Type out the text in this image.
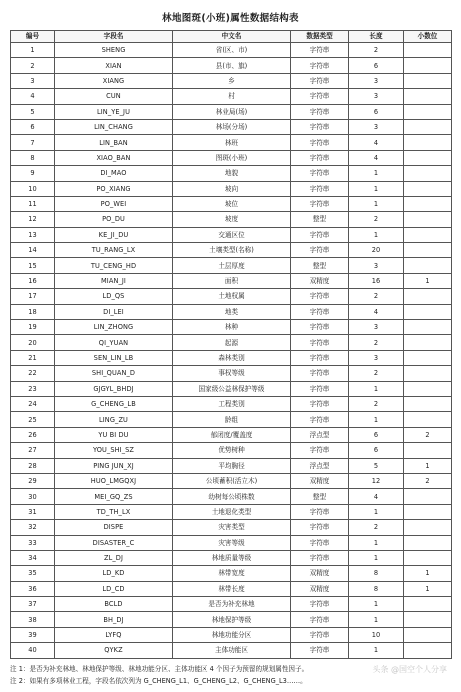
林地图斑(小班)属性数据结构表
编号	字段名	中文名	数据类型	长度	小数位
1	SHENG	省(区、市)	字符串	2	
2	XIAN	县(市、旗)	字符串	6	
3	XIANG	乡	字符串	3	
4	CUN	村	字符串	3	
5	LIN_YE_JU	林业局(场)	字符串	6	
6	LIN_CHANG	林场(分场)	字符串	3	
7	LIN_BAN	林班	字符串	4	
8	XIAO_BAN	图斑(小班)	字符串	4	
9	DI_MAO	地貌	字符串	1	
10	PO_XIANG	坡向	字符串	1	
11	PO_WEI	坡位	字符串	1	
12	PO_DU	坡度	整型	2	
13	KE_JI_DU	交通区位	字符串	1	
14	TU_RANG_LX	土壤类型(名称)	字符串	20	
15	TU_CENG_HD	土层厚度	整型	3	
16	MIAN_JI	面积	双精度	16	1
17	LD_QS	土地权属	字符串	2	
18	DI_LEI	地类	字符串	4	
19	LIN_ZHONG	林种	字符串	3	
20	QI_YUAN	起源	字符串	2	
21	SEN_LIN_LB	森林类别	字符串	3	
22	SHI_QUAN_D	事权等级	字符串	2	
23	GJGYL_BHDJ	国家级公益林保护等级	字符串	1	
24	G_CHENG_LB	工程类别	字符串	2	
25	LING_ZU	龄组	字符串	1	
26	YU BI DU	郁闭度/覆盖度	浮点型	6	2
27	YOU_SHI_SZ	优势树种	字符串	6	
28	PING JUN_XJ	平均胸径	浮点型	5	1
29	HUO_LMGQXJ	公顷蓄积(活立木)	双精度	12	2
30	MEI_GQ_ZS	幼树每公顷株数	整型	4	
31	TD_TH_LX	土地退化类型	字符串	1	
32	DISPE	灾害类型	字符串	2	
33	DISASTER_C	灾害等级	字符串	1	
34	ZL_DJ	林地质量等级	字符串	1	
35	LD_KD	林带宽度	双精度	8	1
36	LD_CD	林带长度	双精度	8	1
37	BCLD	是否为补充林地	字符串	1	
38	BH_DJ	林地保护等级	字符串	1	
39	LYFQ	林地功能分区	字符串	10	
40	QYKZ	主体功能区	字符串	1	
注 1：是否为补充林地、林地保护等级、林地功能分区、主体功能区 4 个因子为预留的规划属性因子。
注 2：如果有多项林业工程，字段名依次列为 G_CHENG_L1、G_CHENG_L2、G_CHENG_L3……。
头条 @国空个人分享
